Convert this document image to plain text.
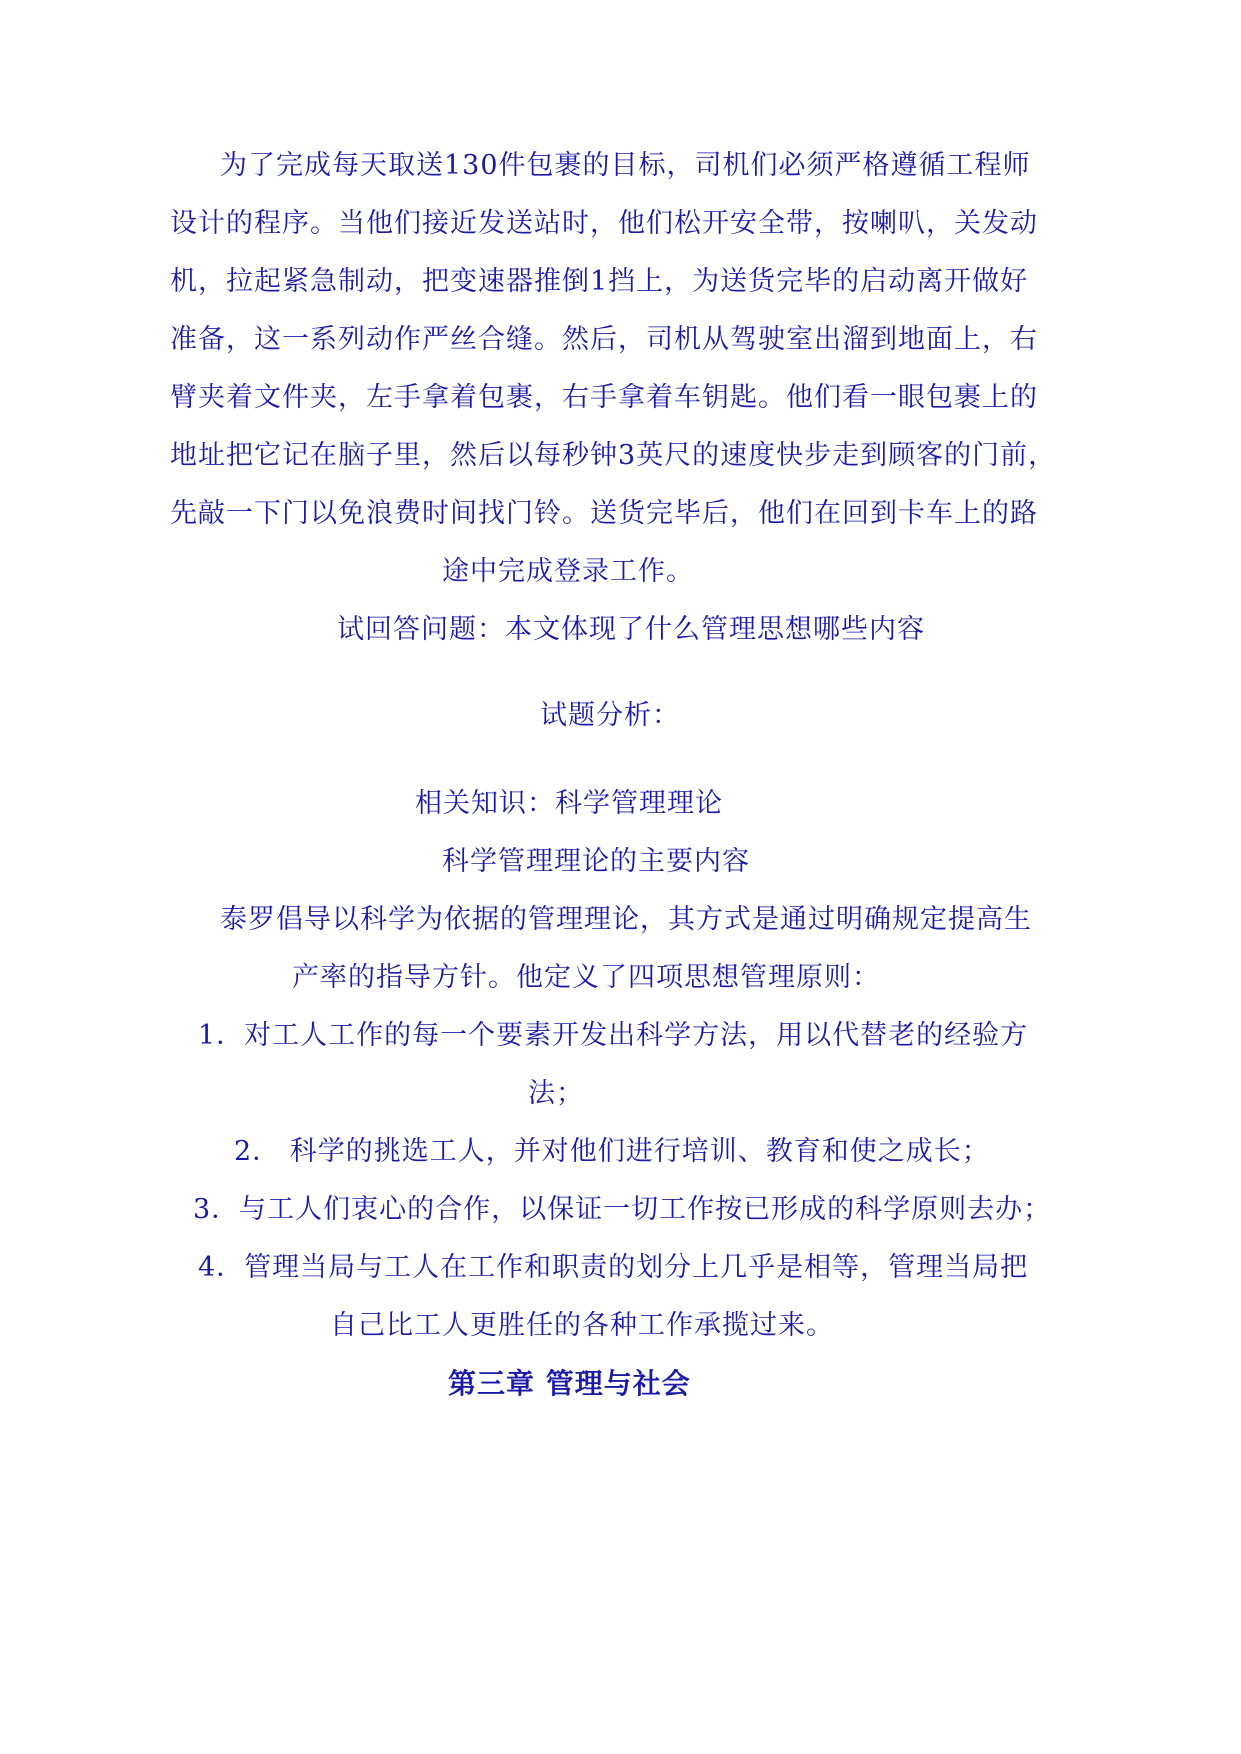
为了完成每天取送130件包裹的目标，司机们必须严格遵循工程师
设计的程序。当他们接近发送站时，他们松开安全带，按喇叭，关发动
机，拉起紧急制动，把变速器推倒1挡上，为送货完毕的启动离开做好
准备，这一系列动作严丝合缝。然后，司机从驾驶室出溜到地面上，右
臂夹着文件夹，左手拿着包裹，右手拿着车钥匙。他们看一眼包裹上的
地址把它记在脑子里，然后以每秒钟3英尺的速度快步走到顾客的门前，
先敲一下门以免浪费时间找门铃。送货完毕后，他们在回到卡车上的路
途中完成登录工作。
试回答问题：本文体现了什么管理思想哪些内容
试题分析：
相关知识：科学管理理论
科学管理理论的主要内容
泰罗倡导以科学为依据的管理理论，其方式是通过明确规定提高生
产率的指导方针。他定义了四项思想管理原则：
1．对工人工作的每一个要素开发出科学方法，用以代替老的经验方
法；
2． 科学的挑选工人，并对他们进行培训、教育和使之成长；
3．与工人们衷心的合作，以保证一切工作按已形成的科学原则去办；
4．管理当局与工人在工作和职责的划分上几乎是相等，管理当局把
自己比工人更胜任的各种工作承揽过来。
第三章 管理与社会
